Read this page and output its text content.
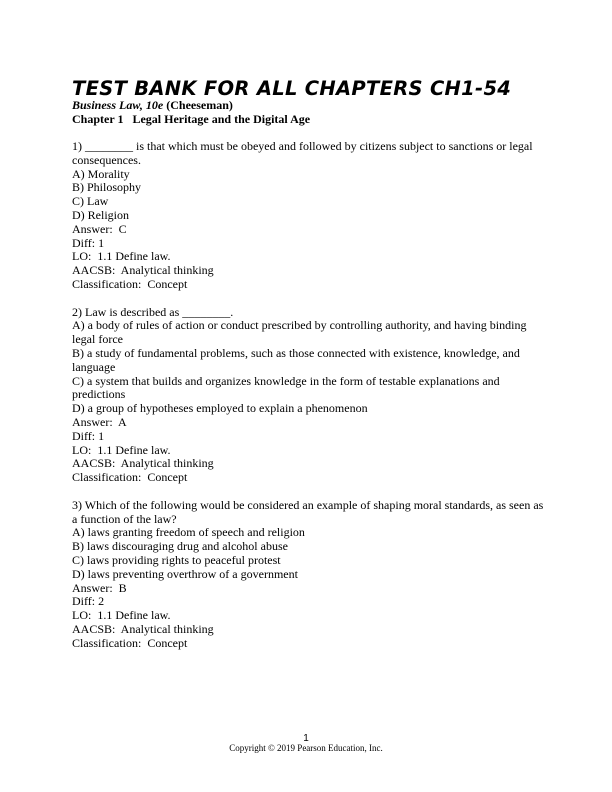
TEST BANK FOR ALL CHAPTERS CH1-54
Business Law, 10e (Cheeseman)
Chapter 1   Legal Heritage and the Digital Age
1) ________ is that which must be obeyed and followed by citizens subject to sanctions or legal consequences.
A) Morality
B) Philosophy
C) Law
D) Religion
Answer:  C
Diff: 1
LO:  1.1 Define law.
AACSB:  Analytical thinking
Classification:  Concept
2) Law is described as ________.
A) a body of rules of action or conduct prescribed by controlling authority, and having binding legal force
B) a study of fundamental problems, such as those connected with existence, knowledge, and language
C) a system that builds and organizes knowledge in the form of testable explanations and predictions
D) a group of hypotheses employed to explain a phenomenon
Answer:  A
Diff: 1
LO:  1.1 Define law.
AACSB:  Analytical thinking
Classification:  Concept
3) Which of the following would be considered an example of shaping moral standards, as seen as a function of the law?
A) laws granting freedom of speech and religion
B) laws discouraging drug and alcohol abuse
C) laws providing rights to peaceful protest
D) laws preventing overthrow of a government
Answer:  B
Diff: 2
LO:  1.1 Define law.
AACSB:  Analytical thinking
Classification:  Concept
1
Copyright © 2019 Pearson Education, Inc.
